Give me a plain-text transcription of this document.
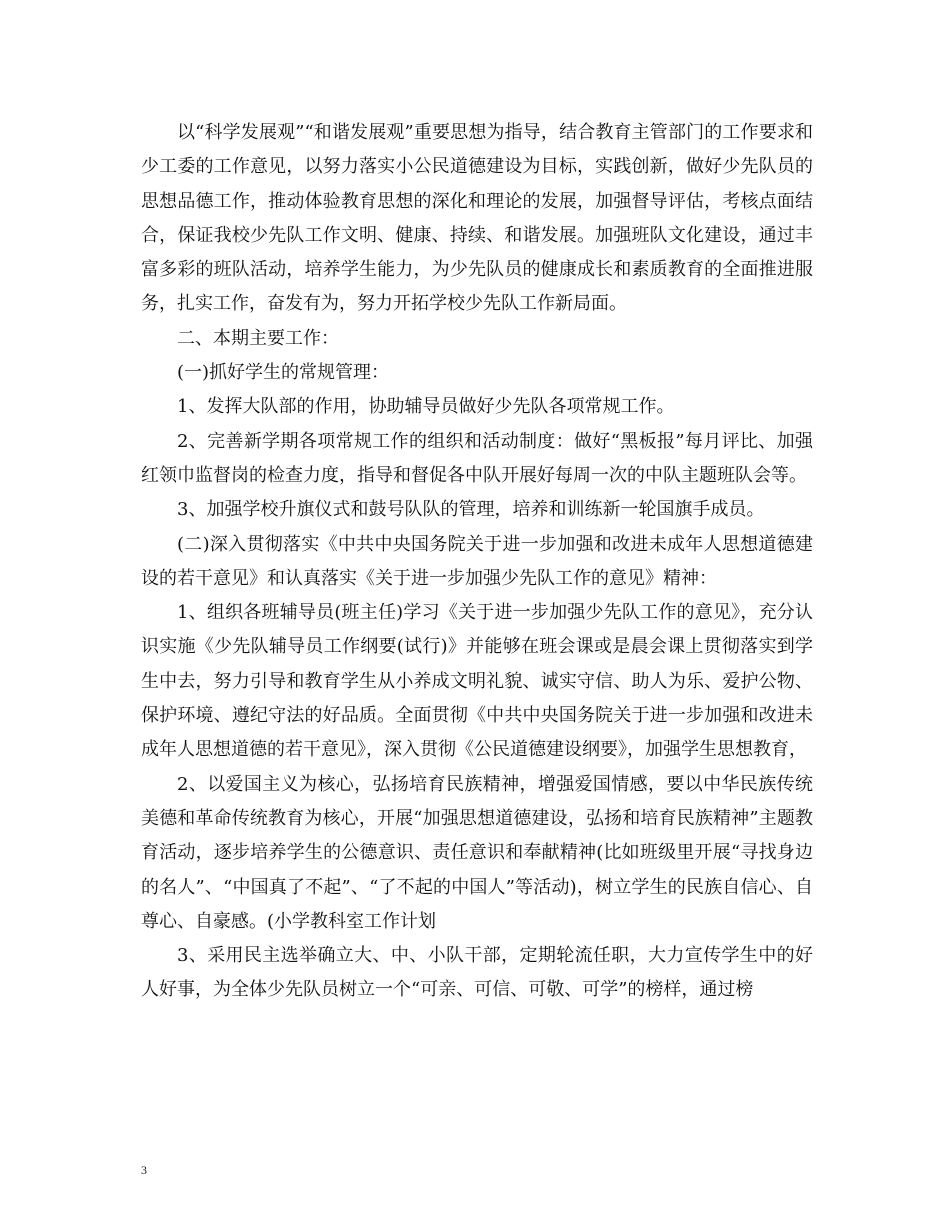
以“科学发展观”“和谐发展观”重要思想为指导，结合教育主管部门的工作要求和少工委的工作意见，以努力落实小公民道德建设为目标，实践创新，做好少先队员的思想品德工作，推动体验教育思想的深化和理论的发展，加强督导评估，考核点面结合，保证我校少先队工作文明、健康、持续、和谐发展。加强班队文化建设，通过丰富多彩的班队活动，培养学生能力，为少先队员的健康成长和素质教育的全面推进服务，扎实工作，奋发有为，努力开拓学校少先队工作新局面。

二、本期主要工作：

(一)抓好学生的常规管理：

1、发挥大队部的作用，协助辅导员做好少先队各项常规工作。

2、完善新学期各项常规工作的组织和活动制度：做好“黑板报”每月评比、加强红领巾监督岗的检查力度，指导和督促各中队开展好每周一次的中队主题班队会等。

3、加强学校升旗仪式和鼓号队队的管理，培养和训练新一轮国旗手成员。

(二)深入贯彻落实《中共中央国务院关于进一步加强和改进未成年人思想道德建设的若干意见》和认真落实《关于进一步加强少先队工作的意见》精神：

1、组织各班辅导员(班主任)学习《关于进一步加强少先队工作的意见》，充分认识实施《少先队辅导员工作纲要(试行)》并能够在班会课或是晨会课上贯彻落实到学生中去，努力引导和教育学生从小养成文明礼貌、诚实守信、助人为乐、爱护公物、保护环境、遵纪守法的好品质。全面贯彻《中共中央国务院关于进一步加强和改进未成年人思想道德的若干意见》，深入贯彻《公民道德建设纲要》，加强学生思想教育，

2、以爱国主义为核心，弘扬培育民族精神，增强爱国情感，要以中华民族传统美德和革命传统教育为核心，开展“加强思想道德建设，弘扬和培育民族精神”主题教育活动，逐步培养学生的公德意识、责任意识和奉献精神(比如班级里开展“寻找身边的名人”、“中国真了不起”、“了不起的中国人”等活动)，树立学生的民族自信心、自尊心、自豪感。(小学教科室工作计划

3、采用民主选举确立大、中、小队干部，定期轮流任职，大力宣传学生中的好人好事，为全体少先队员树立一个“可亲、可信、可敬、可学”的榜样，通过榜

3
